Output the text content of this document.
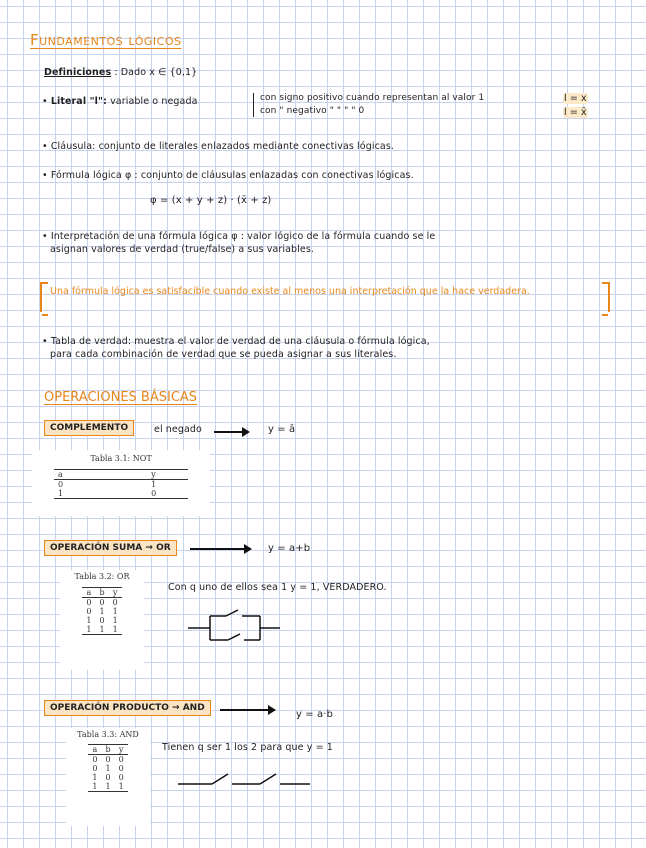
Fundamentos lógicos
Definiciones : Dado x ∈ {0,1}
• Literal "l": variable o negada	con signo positivo cuando representan al valor 1
con " negativo " " " " 0
l = x
l = x̄
• Cláusula: conjunto de literales enlazados mediante conectivas lógicas.
• Fórmula lógica φ : conjunto de cláusulas enlazadas con conectivas lógicas.
φ = (x + y + z) · (x̄ + z)
• Interpretación de una fórmula lógica φ : valor lógico de la fórmula cuando se le
asignan valores de verdad (true/false) a sus variables.
Una fórmula lógica es satisfacible cuando existe al menos una interpretación que la hace verdadera.
• Tabla de verdad: muestra el valor de verdad de una cláusula o fórmula lógica,
para cada combinación de verdad que se pueda asignar a sus literales.
OPERACIONES BÁSICAS
COMPLEMENTO	el negado	y = ā
Tabla 3.1: NOT
a	y
0	1
1	0
OPERACIÓN SUMA → OR	y = a+b
Tabla 3.2: OR
a	b	y
0	0	0
0	1	1
1	0	1
1	1	1
Con q uno de ellos sea 1 y = 1, VERDADERO.
OPERACIÓN PRODUCTO → AND
y = a·b
Tabla 3.3: AND
a	b	y
0	0	0
0	1	0
1	0	0
1	1	1
Tienen q ser 1 los 2 para que y = 1
